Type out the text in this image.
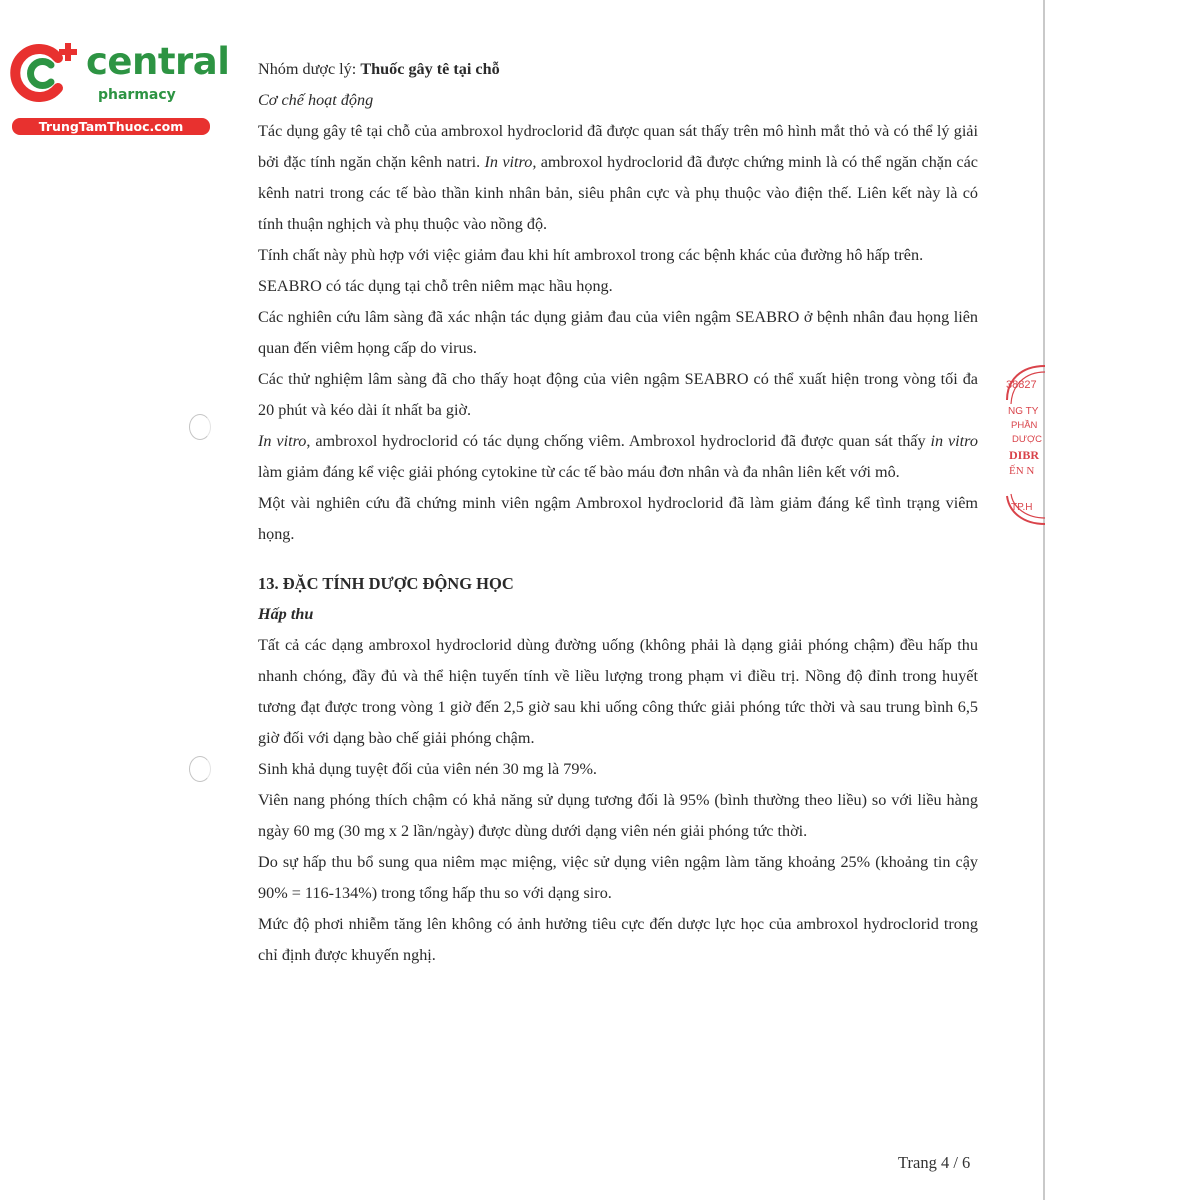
central
pharmacy
TrungTamThuoc.com
38827
NG TY
PHẦN
DƯỢC
DIBR
ẾN N
TP.H

Nhóm dược lý: Thuốc gây tê tại chỗ

Cơ chế hoạt động

Tác dụng gây tê tại chỗ của ambroxol hydroclorid đã được quan sát thấy trên mô hình mắt thỏ và có thể lý giải bởi đặc tính ngăn chặn kênh natri. In vitro, ambroxol hydroclorid đã được chứng minh là có thể ngăn chặn các kênh natri trong các tế bào thần kinh nhân bản, siêu phân cực và phụ thuộc vào điện thế. Liên kết này là có tính thuận nghịch và phụ thuộc vào nồng độ.

Tính chất này phù hợp với việc giảm đau khi hít ambroxol trong các bệnh khác của đường hô hấp trên.

SEABRO có tác dụng tại chỗ trên niêm mạc hầu họng.

Các nghiên cứu lâm sàng đã xác nhận tác dụng giảm đau của viên ngậm SEABRO ở bệnh nhân đau họng liên quan đến viêm họng cấp do virus.

Các thử nghiệm lâm sàng đã cho thấy hoạt động của viên ngậm SEABRO có thể xuất hiện trong vòng tối đa 20 phút và kéo dài ít nhất ba giờ.

In vitro, ambroxol hydroclorid có tác dụng chống viêm. Ambroxol hydroclorid đã được quan sát thấy in vitro làm giảm đáng kể việc giải phóng cytokine từ các tế bào máu đơn nhân và đa nhân liên kết với mô.

Một vài nghiên cứu đã chứng minh viên ngậm Ambroxol hydroclorid đã làm giảm đáng kể tình trạng viêm họng.

13. ĐẶC TÍNH DƯỢC ĐỘNG HỌC

Hấp thu

Tất cả các dạng ambroxol hydroclorid dùng đường uống (không phải là dạng giải phóng chậm) đều hấp thu nhanh chóng, đầy đủ và thể hiện tuyến tính về liều lượng trong phạm vi điều trị. Nồng độ đỉnh trong huyết tương đạt được trong vòng 1 giờ đến 2,5 giờ sau khi uống công thức giải phóng tức thời và sau trung bình 6,5 giờ đối với dạng bào chế giải phóng chậm.

Sinh khả dụng tuyệt đối của viên nén 30 mg là 79%.

Viên nang phóng thích chậm có khả năng sử dụng tương đối là 95% (bình thường theo liều) so với liều hàng ngày 60 mg (30 mg x 2 lần/ngày) được dùng dưới dạng viên nén giải phóng tức thời.

Do sự hấp thu bổ sung qua niêm mạc miệng, việc sử dụng viên ngậm làm tăng khoảng 25% (khoảng tin cậy 90% = 116-134%) trong tổng hấp thu so với dạng siro.

Mức độ phơi nhiễm tăng lên không có ảnh hưởng tiêu cực đến dược lực học của ambroxol hydroclorid trong chỉ định được khuyến nghị.

Trang 4 / 6
